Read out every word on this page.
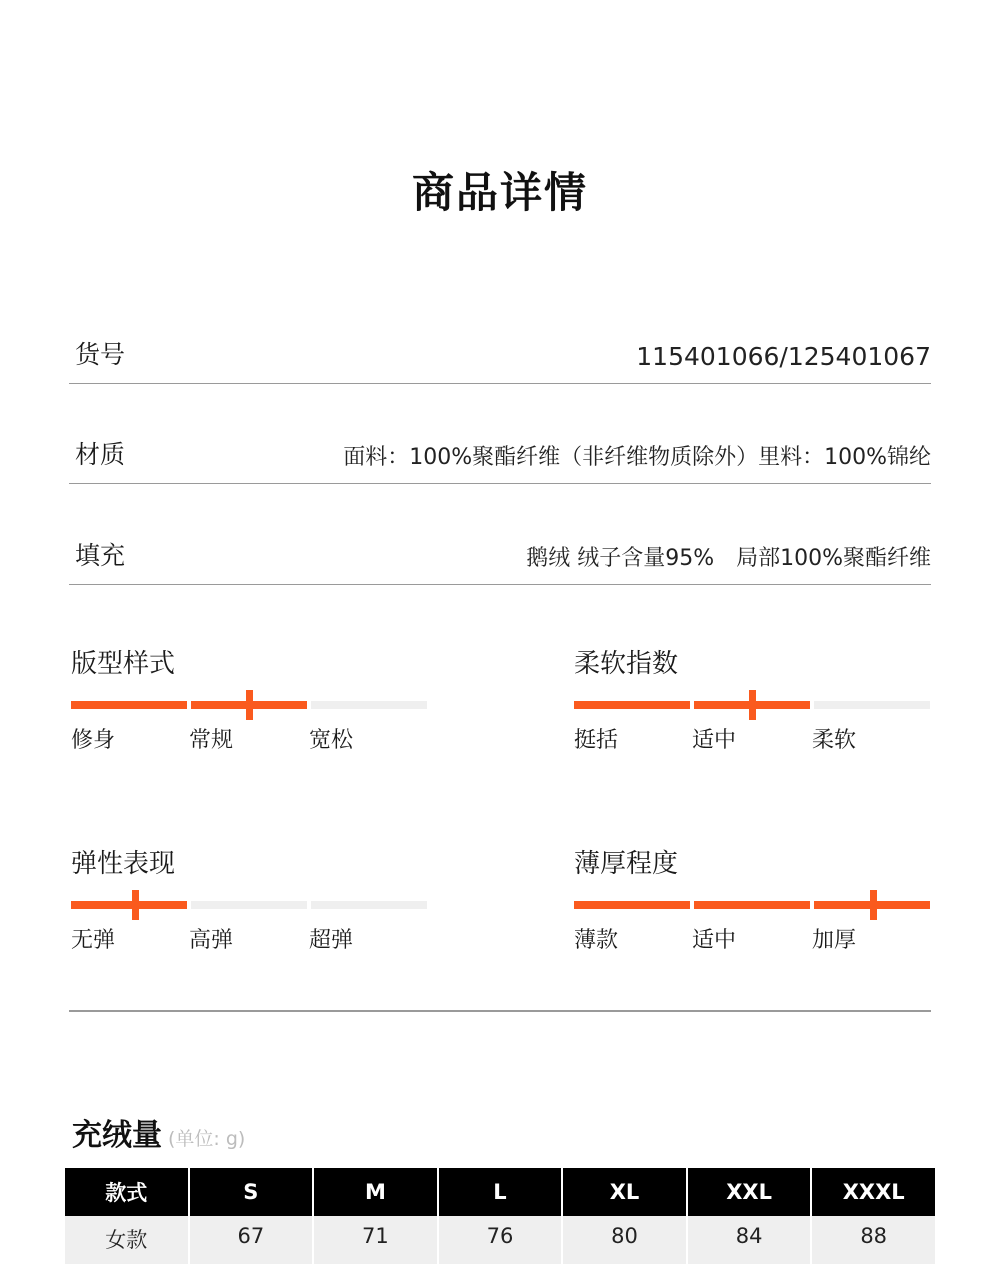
商品详情
货号	115401066/125401067
材质	面料：100%聚酯纤维（非纤维物质除外）里料：100%锦纶
填充	鹅绒 绒子含量95%　局部100%聚酯纤维
版型样式
修身	常规	宽松
柔软指数
挺括	适中	柔软
弹性表现
无弹	高弹	超弹
薄厚程度
薄款	适中	加厚
充绒量 (单位: g)
款式	S	M	L	XL	XXL	XXXL
女款	67	71	76	80	84	88
